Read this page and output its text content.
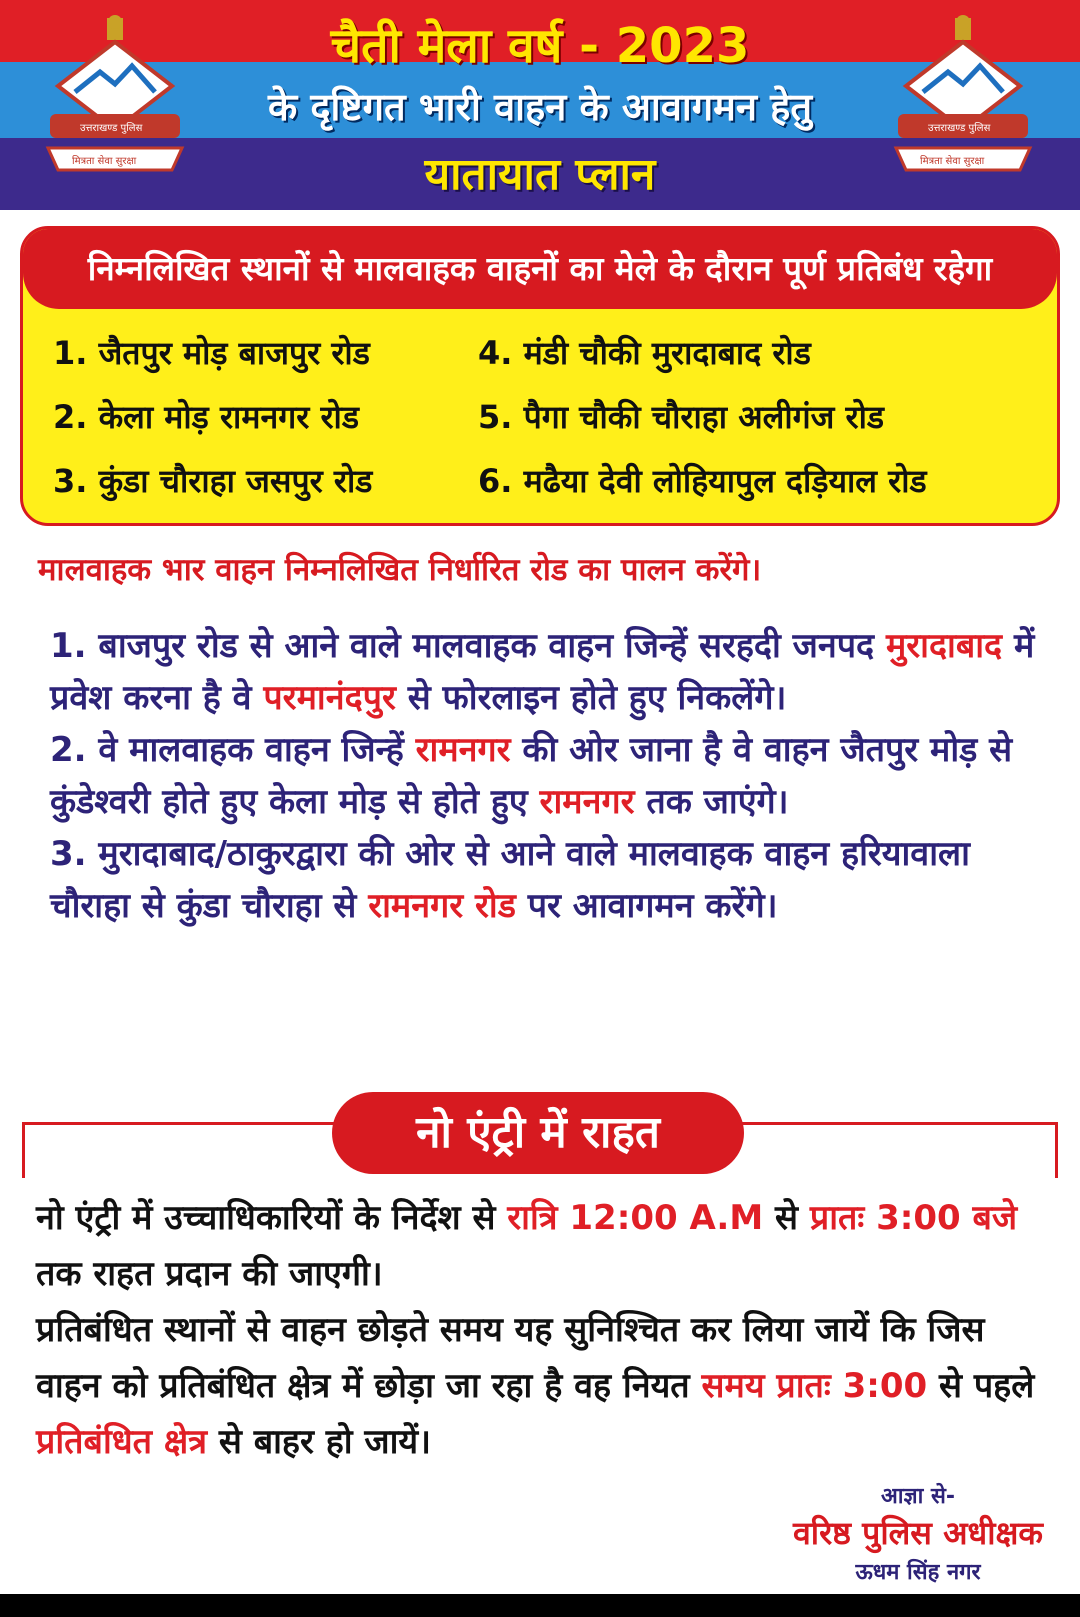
उत्तराखण्ड पुलिस
मित्रता सेवा सुरक्षा
उत्तराखण्ड पुलिस
मित्रता सेवा सुरक्षा
चैती मेला वर्ष - 2023
के दृष्टिगत भारी वाहन के आवागमन हेतु
यातायात प्लान
निम्नलिखित स्थानों से मालवाहक वाहनों का मेले के दौरान पूर्ण प्रतिबंध रहेगा
1. जैतपुर मोड़ बाजपुर रोड
2. केला मोड़ रामनगर रोड
3. कुंडा चौराहा जसपुर रोड
4. मंडी चौकी मुरादाबाद रोड
5. पैगा चौकी चौराहा अलीगंज रोड
6. मढैया देवी लोहियापुल दड़ियाल रोड
मालवाहक भार वाहन निम्नलिखित निर्धारित रोड का पालन करेंगे।
1. बाजपुर रोड से आने वाले मालवाहक वाहन जिन्हें सरहदी जनपद मुरादाबाद में प्रवेश करना है वे परमानंदपुर से फोरलाइन होते हुए निकलेंगे।
2. वे मालवाहक वाहन जिन्हें रामनगर की ओर जाना है वे वाहन जैतपुर मोड़ से कुंडेश्वरी होते हुए केला मोड़ से होते हुए रामनगर तक जाएंगे।
3. मुरादाबाद/ठाकुरद्वारा की ओर से आने वाले मालवाहक वाहन हरियावाला चौराहा से कुंडा चौराहा से रामनगर रोड पर आवागमन करेंगे।
नो एंट्री में राहत

नो एंट्री में उच्चाधिकारियों के निर्देश से रात्रि 12:00 A.M से प्रातः 3:00 बजे तक राहत प्रदान की जाएगी।

प्रतिबंधित स्थानों से वाहन छोड़ते समय यह सुनिश्चित कर लिया जायें कि जिस वाहन को प्रतिबंधित क्षेत्र में छोड़ा जा रहा है वह नियत समय प्रातः 3:00 से पहले प्रतिबंधित क्षेत्र से बाहर हो जायें।

आज्ञा से-
वरिष्ठ पुलिस अधीक्षक
ऊधम सिंह नगर
